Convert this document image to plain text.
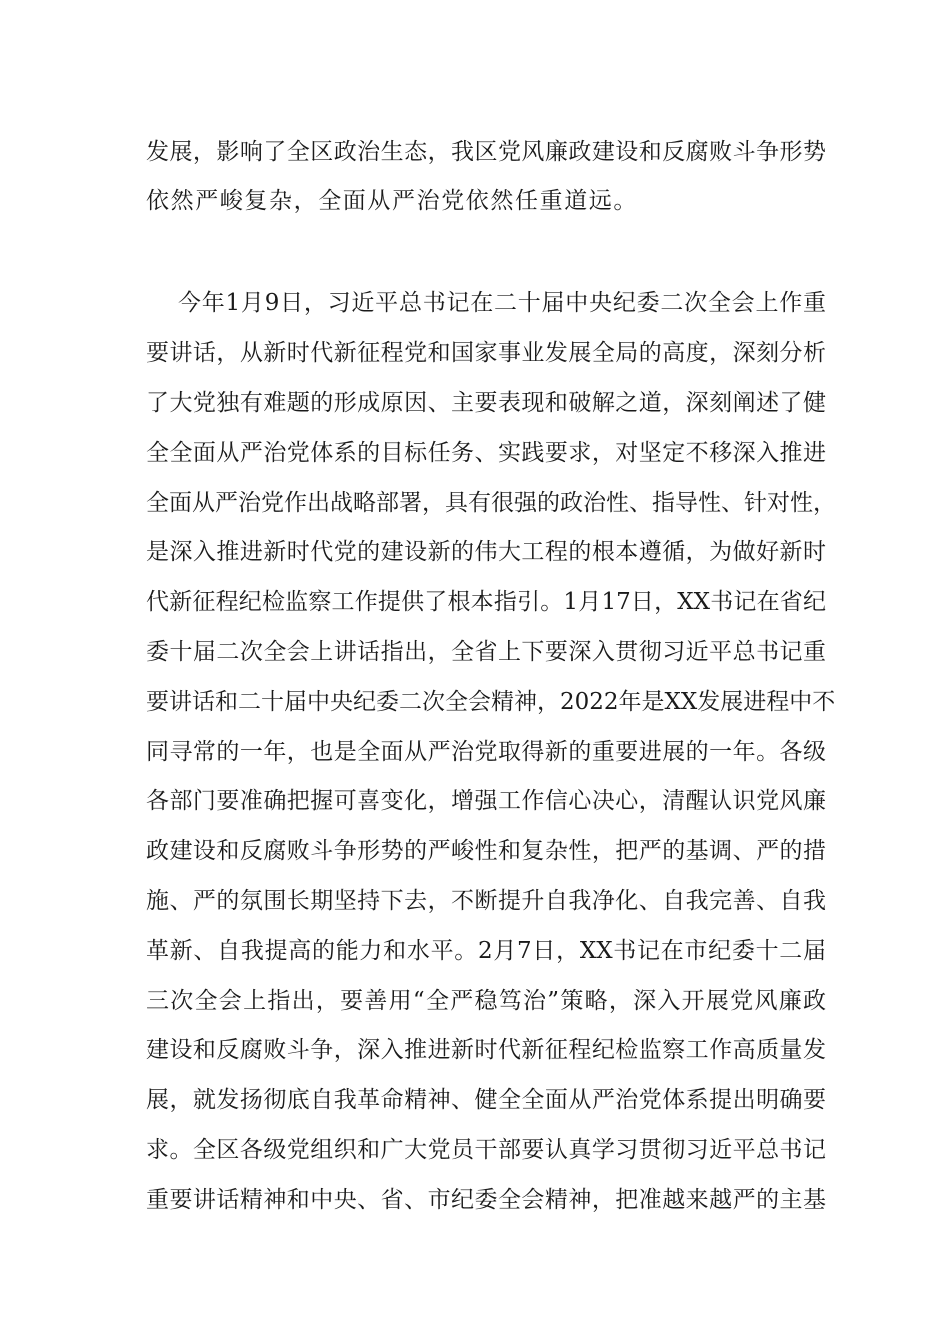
发展，影响了全区政治生态，我区党风廉政建设和反腐败斗争形势
依然严峻复杂，全面从严治党依然任重道远。
今年1月9日，习近平总书记在二十届中央纪委二次全会上作重
要讲话，从新时代新征程党和国家事业发展全局的高度，深刻分析
了大党独有难题的形成原因、主要表现和破解之道，深刻阐述了健
全全面从严治党体系的目标任务、实践要求，对坚定不移深入推进
全面从严治党作出战略部署，具有很强的政治性、指导性、针对性，
是深入推进新时代党的建设新的伟大工程的根本遵循，为做好新时
代新征程纪检监察工作提供了根本指引。1月17日，XX书记在省纪
委十届二次全会上讲话指出，全省上下要深入贯彻习近平总书记重
要讲话和二十届中央纪委二次全会精神，2022年是XX发展进程中不
同寻常的一年，也是全面从严治党取得新的重要进展的一年。各级
各部门要准确把握可喜变化，增强工作信心决心，清醒认识党风廉
政建设和反腐败斗争形势的严峻性和复杂性，把严的基调、严的措
施、严的氛围长期坚持下去，不断提升自我净化、自我完善、自我
革新、自我提高的能力和水平。2月7日，XX书记在市纪委十二届
三次全会上指出，要善用“全严稳笃治”策略，深入开展党风廉政
建设和反腐败斗争，深入推进新时代新征程纪检监察工作高质量发
展，就发扬彻底自我革命精神、健全全面从严治党体系提出明确要
求。全区各级党组织和广大党员干部要认真学习贯彻习近平总书记
重要讲话精神和中央、省、市纪委全会精神，把准越来越严的主基
